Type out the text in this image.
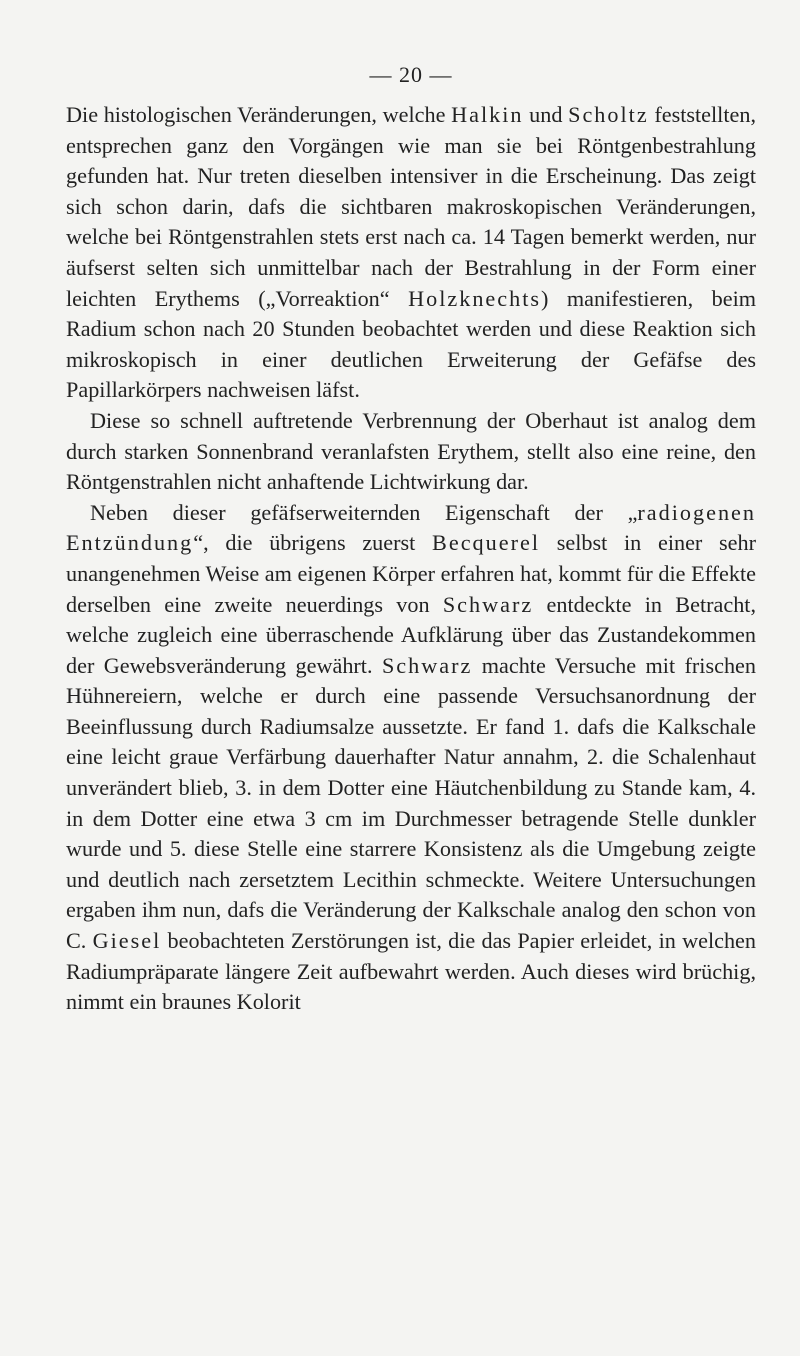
— 20 —

Die histologischen Veränderungen, welche Halkin und Scholtz feststellten, entsprechen ganz den Vorgängen wie man sie bei Röntgenbestrahlung gefunden hat. Nur treten dieselben intensiver in die Erscheinung. Das zeigt sich schon darin, dafs die sichtbaren makroskopischen Veränderungen, welche bei Röntgenstrahlen stets erst nach ca. 14 Tagen bemerkt werden, nur äufserst selten sich unmittelbar nach der Bestrahlung in der Form einer leichten Erythems („Vorreaktion“ Holzknechts) manifestieren, beim Radium schon nach 20 Stunden beobachtet werden und diese Reaktion sich mikroskopisch in einer deutlichen Erweiterung der Gefäfse des Papillarkörpers nachweisen läfst.

Diese so schnell auftretende Verbrennung der Oberhaut ist analog dem durch starken Sonnenbrand veranlafsten Erythem, stellt also eine reine, den Röntgenstrahlen nicht anhaftende Lichtwirkung dar.

Neben dieser gefäfserweiternden Eigenschaft der „radiogenen Entzündung“, die übrigens zuerst Becquerel selbst in einer sehr unangenehmen Weise am eigenen Körper erfahren hat, kommt für die Effekte derselben eine zweite neuerdings von Schwarz entdeckte in Betracht, welche zugleich eine überraschende Aufklärung über das Zustandekommen der Gewebsveränderung gewährt. Schwarz machte Versuche mit frischen Hühnereiern, welche er durch eine passende Versuchsanordnung der Beeinflussung durch Radiumsalze aussetzte. Er fand 1. dafs die Kalkschale eine leicht graue Verfärbung dauerhafter Natur annahm, 2. die Schalenhaut unverändert blieb, 3. in dem Dotter eine Häutchenbildung zu Stande kam, 4. in dem Dotter eine etwa 3 cm im Durchmesser betragende Stelle dunkler wurde und 5. diese Stelle eine starrere Konsistenz als die Umgebung zeigte und deutlich nach zersetztem Lecithin schmeckte. Weitere Untersuchungen ergaben ihm nun, dafs die Veränderung der Kalkschale analog den schon von C. Giesel beobachteten Zerstörungen ist, die das Papier erleidet, in welchen Radiumpräparate längere Zeit aufbewahrt werden. Auch dieses wird brüchig, nimmt ein braunes Kolorit
